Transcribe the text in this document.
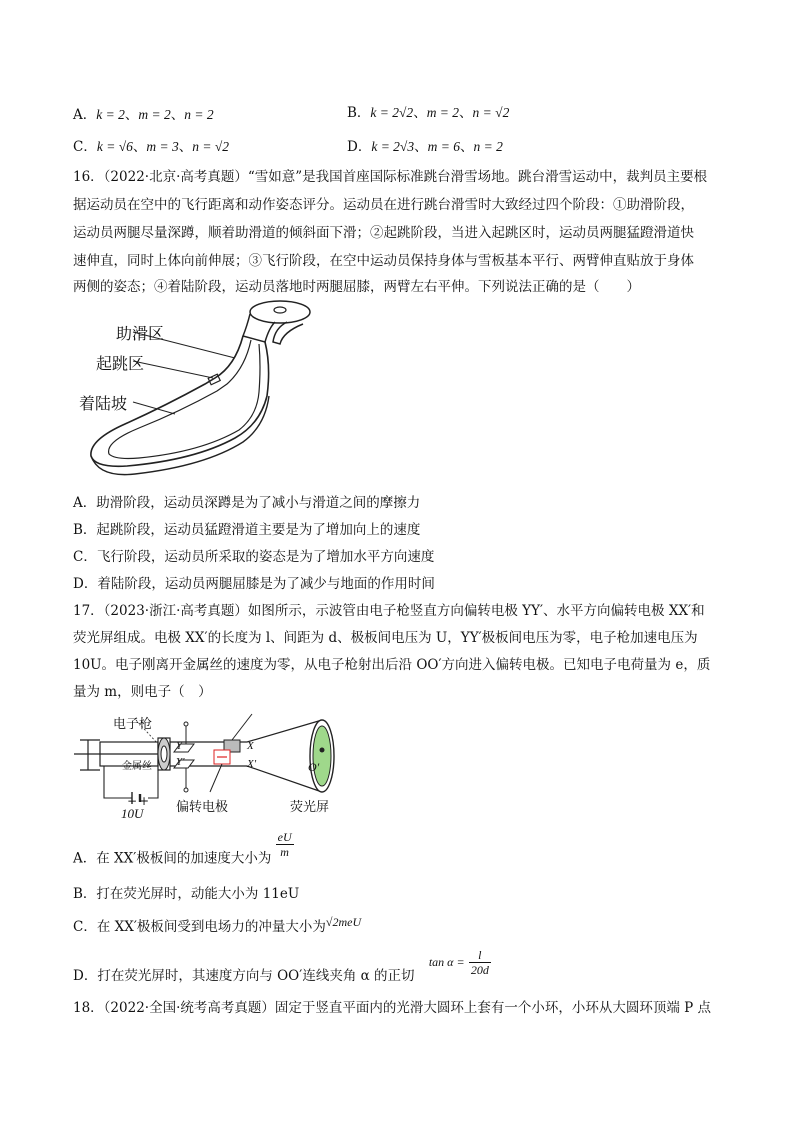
A．k = 2、m = 2、n = 2	B．k = 2√2、m = 2、n = √2
C．k = √6、m = 3、n = √2	D．k = 2√3、m = 6、n = 2
16．（2022·北京·高考真题）“雪如意”是我国首座国际标准跳台滑雪场地。跳台滑雪运动中，裁判员主要根
据运动员在空中的飞行距离和动作姿态评分。运动员在进行跳台滑雪时大致经过四个阶段：①助滑阶段，
运动员两腿尽量深蹲，顺着助滑道的倾斜面下滑；②起跳阶段，当进入起跳区时，运动员两腿猛蹬滑道快
速伸直，同时上体向前伸展；③飞行阶段，在空中运动员保持身体与雪板基本平行、两臂伸直贴放于身体
两侧的姿态；④着陆阶段，运动员落地时两腿屈膝，两臂左右平伸。下列说法正确的是（　　）
助滑区
起跳区
着陆坡
A．助滑阶段，运动员深蹲是为了减小与滑道之间的摩擦力
B．起跳阶段，运动员猛蹬滑道主要是为了增加向上的速度
C．飞行阶段，运动员所采取的姿态是为了增加水平方向速度
D．着陆阶段，运动员两腿屈膝是为了减少与地面的作用时间
17．（2023·浙江·高考真题）如图所示，示波管由电子枪竖直方向偏转电极 YY′、水平方向偏转电极 XX′和
荧光屏组成。电极 XX′的长度为 l、间距为 d、极板间电压为 U，YY′极板间电压为零，电子枪加速电压为
10U。电子刚离开金属丝的速度为零，从电子枪射出后沿 OO′方向进入偏转电极。已知电子电荷量为 e，质
量为 m，则电子（　）
电子枪
金属丝
− +
10U	偏转电极	荧光屏
Y
Y′
X
X′	O′
A．在 XX′极板间的加速度大小为 $\frac{eU}{m}$
B．打在荧光屏时，动能大小为 11eU
C．在 XX′极板间受到电场力的冲量大小为√2meU
D．打在荧光屏时，其速度方向与 OO′连线夹角 α 的正切 $\tan \alpha = \frac{l}{20d}$
18．（2022·全国·统考高考真题）固定于竖直平面内的光滑大圆环上套有一个小环，小环从大圆环顶端 P 点
